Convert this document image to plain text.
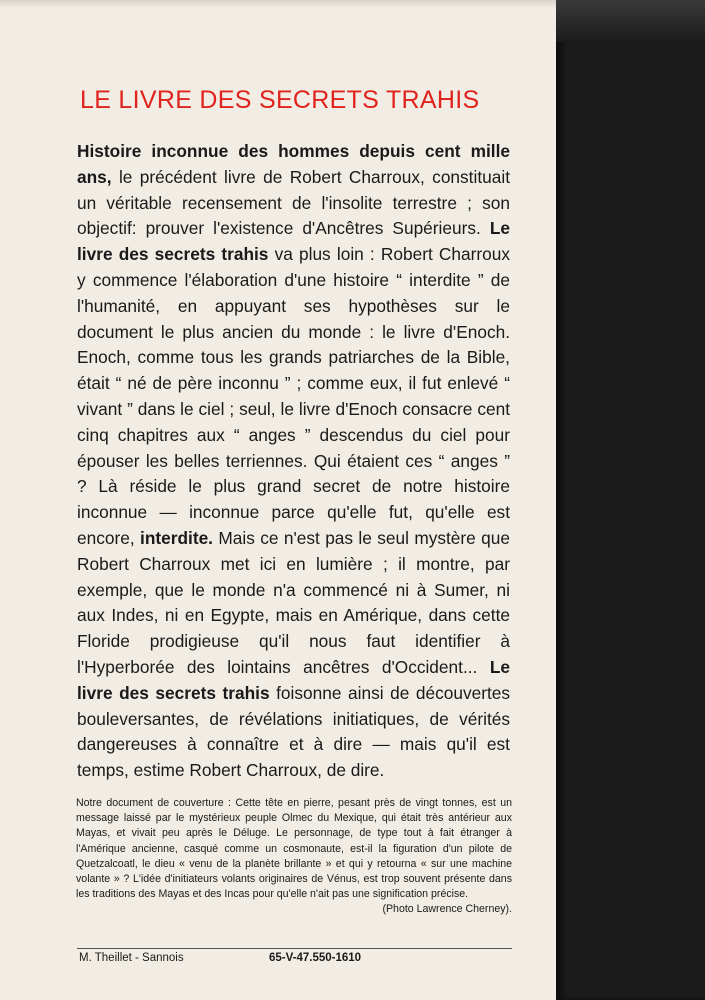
LE LIVRE DES SECRETS TRAHIS

Histoire inconnue des hommes depuis cent mille ans, le précédent livre de Robert Charroux, constituait un véritable recensement de l'insolite terrestre ; son objectif: prouver l'existence d'Ancêtres Supérieurs. Le livre des secrets trahis va plus loin : Robert Charroux y commence l'élaboration d'une histoire “ interdite ” de l'humanité, en appuyant ses hypothèses sur le document le plus ancien du monde : le livre d'Enoch. Enoch, comme tous les grands patriarches de la Bible, était “ né de père inconnu ” ; comme eux, il fut enlevé “ vivant ” dans le ciel ; seul, le livre d'Enoch consacre cent cinq chapitres aux “ anges ” descendus du ciel pour épouser les belles terriennes. Qui étaient ces “ anges ” ? Là réside le plus grand secret de notre histoire inconnue — inconnue parce qu'elle fut, qu'elle est encore, interdite. Mais ce n'est pas le seul mystère que Robert Charroux met ici en lumière ; il montre, par exemple, que le monde n'a commencé ni à Sumer, ni aux Indes, ni en Egypte, mais en Amérique, dans cette Floride prodigieuse qu'il nous faut identifier à l'Hyperborée des lointains ancêtres d'Occident... Le livre des secrets trahis foisonne ainsi de découvertes bouleversantes, de révélations initiatiques, de vérités dangereuses à connaître et à dire — mais qu'il est temps, estime Robert Charroux, de dire.

Notre document de couverture : Cette tête en pierre, pesant près de vingt tonnes, est un message laissé par le mystérieux peuple Olmec du Mexique, qui était très antérieur aux Mayas, et vivait peu après le Déluge. Le personnage, de type tout à fait étranger à l'Amérique ancienne, casqué comme un cosmonaute, est-il la figuration d'un pilote de Quetzalcoatl, le dieu « venu de la planète brillante » et qui y retourna « sur une machine volante » ? L'idée d'initiateurs volants originaires de Vénus, est trop souvent présente dans les traditions des Mayas et des Incas pour qu'elle n'ait pas une signification précise.
(Photo Lawrence Cherney).

M. Theillet - Sannois	65-V-47.550-1610
